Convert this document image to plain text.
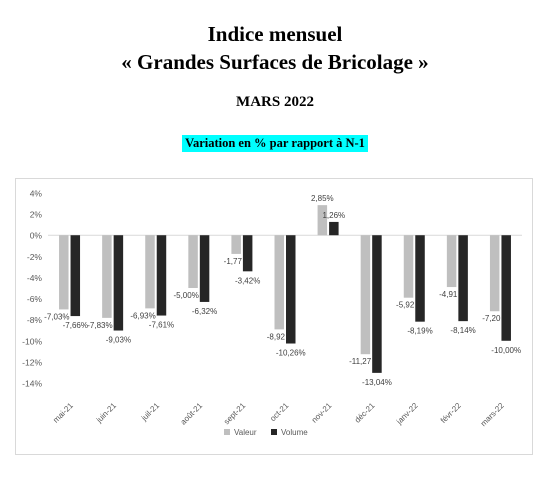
Indice mensuel
« Grandes Surfaces de Bricolage »
MARS 2022
Variation en % par rapport à N-1
4%
2%
0%
-2%
-4%
-6%
-8%
-10%
-12%
-14%
-7,03%
-7,66%
mai-21
-7,83%
-9,03%
juin-21
-6,93%
-7,61%
juil-21
-5,00%
-6,32%
août-21
-1,77
-3,42%
sept-21
-8,92
-10,26%
oct-21
2,85%
1,26%
nov-21
-11,27
-13,04%
déc-21
-5,92
-8,19%
janv-22
-4,91
-8,14%
févr-22
-7,20
-10,00%
mars-22
Valeur	Volume
